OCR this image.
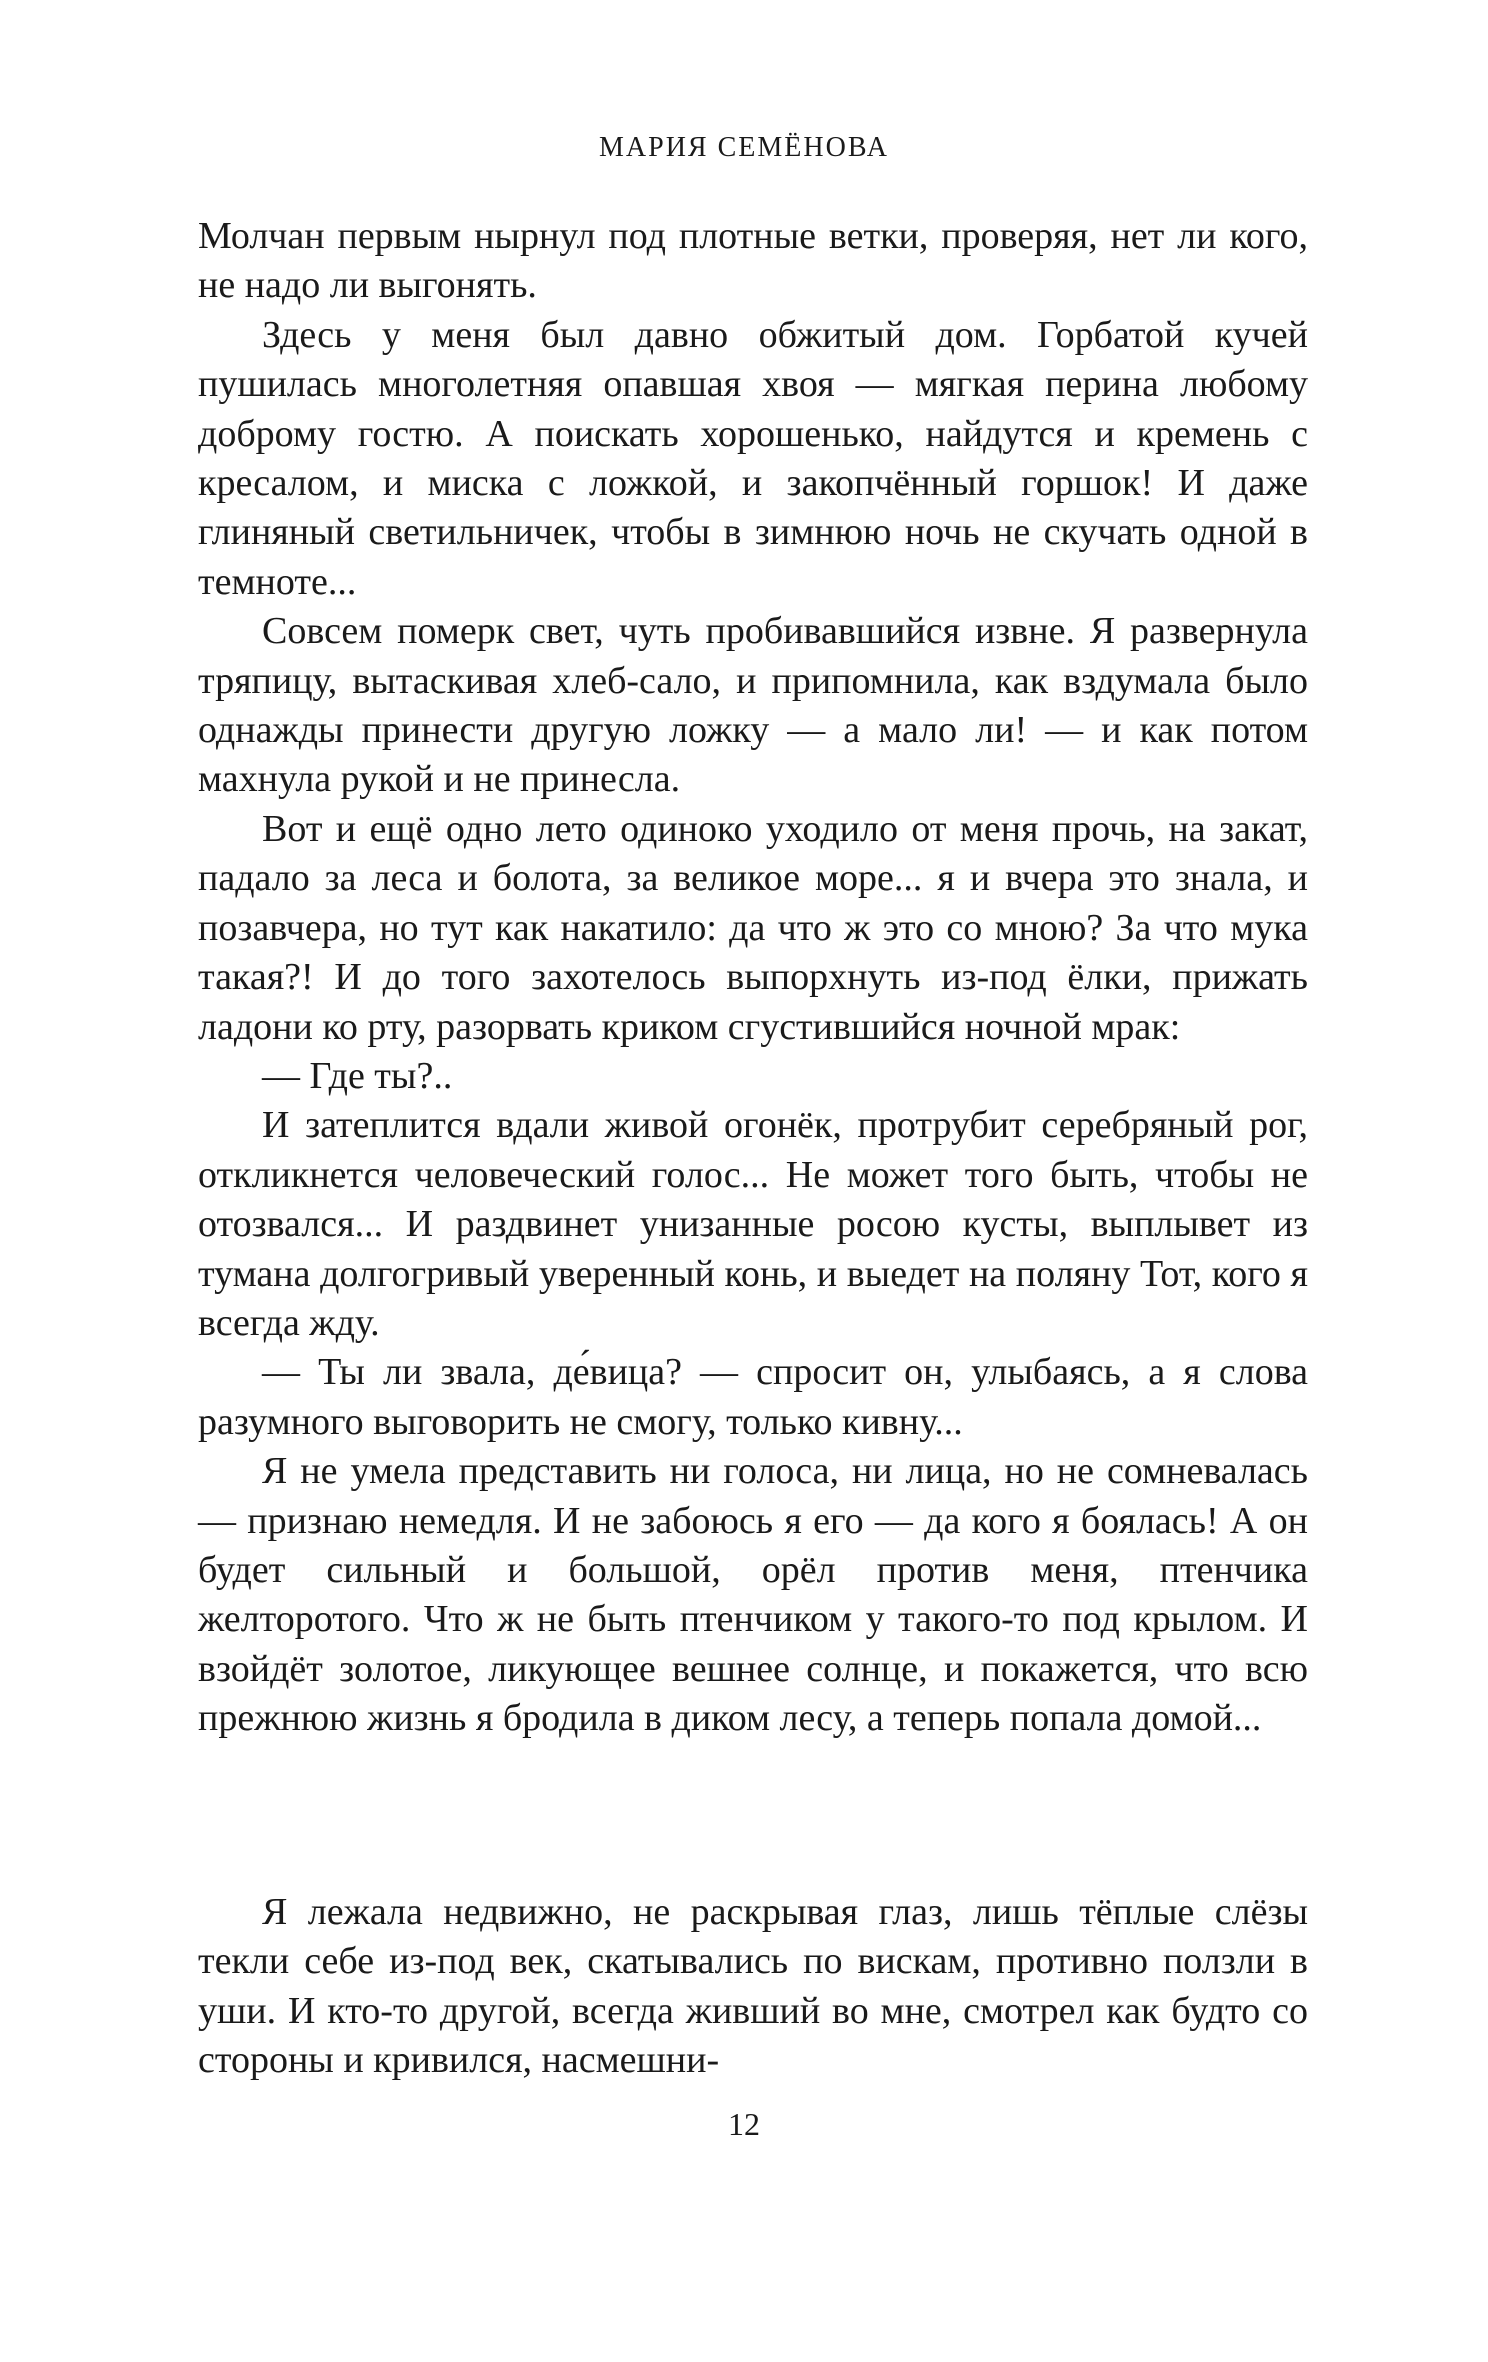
МАРИЯ СЕМЁНОВА

Молчан первым нырнул под плотные ветки, проверяя, нет ли кого, не надо ли выгонять.

Здесь у меня был давно обжитый дом. Горбатой кучей пушилась многолетняя опавшая хвоя — мягкая перина любому доброму гостю. А поискать хорошенько, найдутся и кремень с кресалом, и миска с ложкой, и закопчённый горшок! И даже глиняный светильничек, чтобы в зимнюю ночь не скучать одной в темноте...

Совсем померк свет, чуть пробивавшийся извне. Я развернула тряпицу, вытаскивая хлеб-сало, и припомнила, как вздумала было однажды принести другую ложку — а мало ли! — и как потом махнула рукой и не принесла.

Вот и ещё одно лето одиноко уходило от меня прочь, на закат, падало за леса и болота, за великое море... я и вчера это знала, и позавчера, но тут как накатило: да что ж это со мною? За что мука такая?! И до того захотелось выпорхнуть из-под ёлки, прижать ладони ко рту, разорвать криком сгустившийся ночной мрак:

— Где ты?..

И затеплится вдали живой огонёк, протрубит серебряный рог, откликнется человеческий голос... Не может того быть, чтобы не отозвался... И раздвинет унизанные росою кусты, выплывет из тумана долгогривый уверенный конь, и выедет на поляну Тот, кого я всегда жду.

— Ты ли звала, де́вица? — спросит он, улыбаясь, а я слова разумного выговорить не смогу, только кивну...

Я не умела представить ни голоса, ни лица, но не сомневалась — признаю немедля. И не забоюсь я его — да кого я боялась! А он будет сильный и большой, орёл против меня, птенчика желторотого. Что ж не быть птенчиком у такого-то под крылом. И взойдёт золотое, ликующее вешнее солнце, и покажется, что всю прежнюю жизнь я бродила в диком лесу, а теперь попала домой...

Я лежала недвижно, не раскрывая глаз, лишь тёплые слёзы текли себе из-под век, скатывались по вискам, противно ползли в уши. И кто-то другой, всегда живший во мне, смотрел как будто со стороны и кривился, насмешни-

12
